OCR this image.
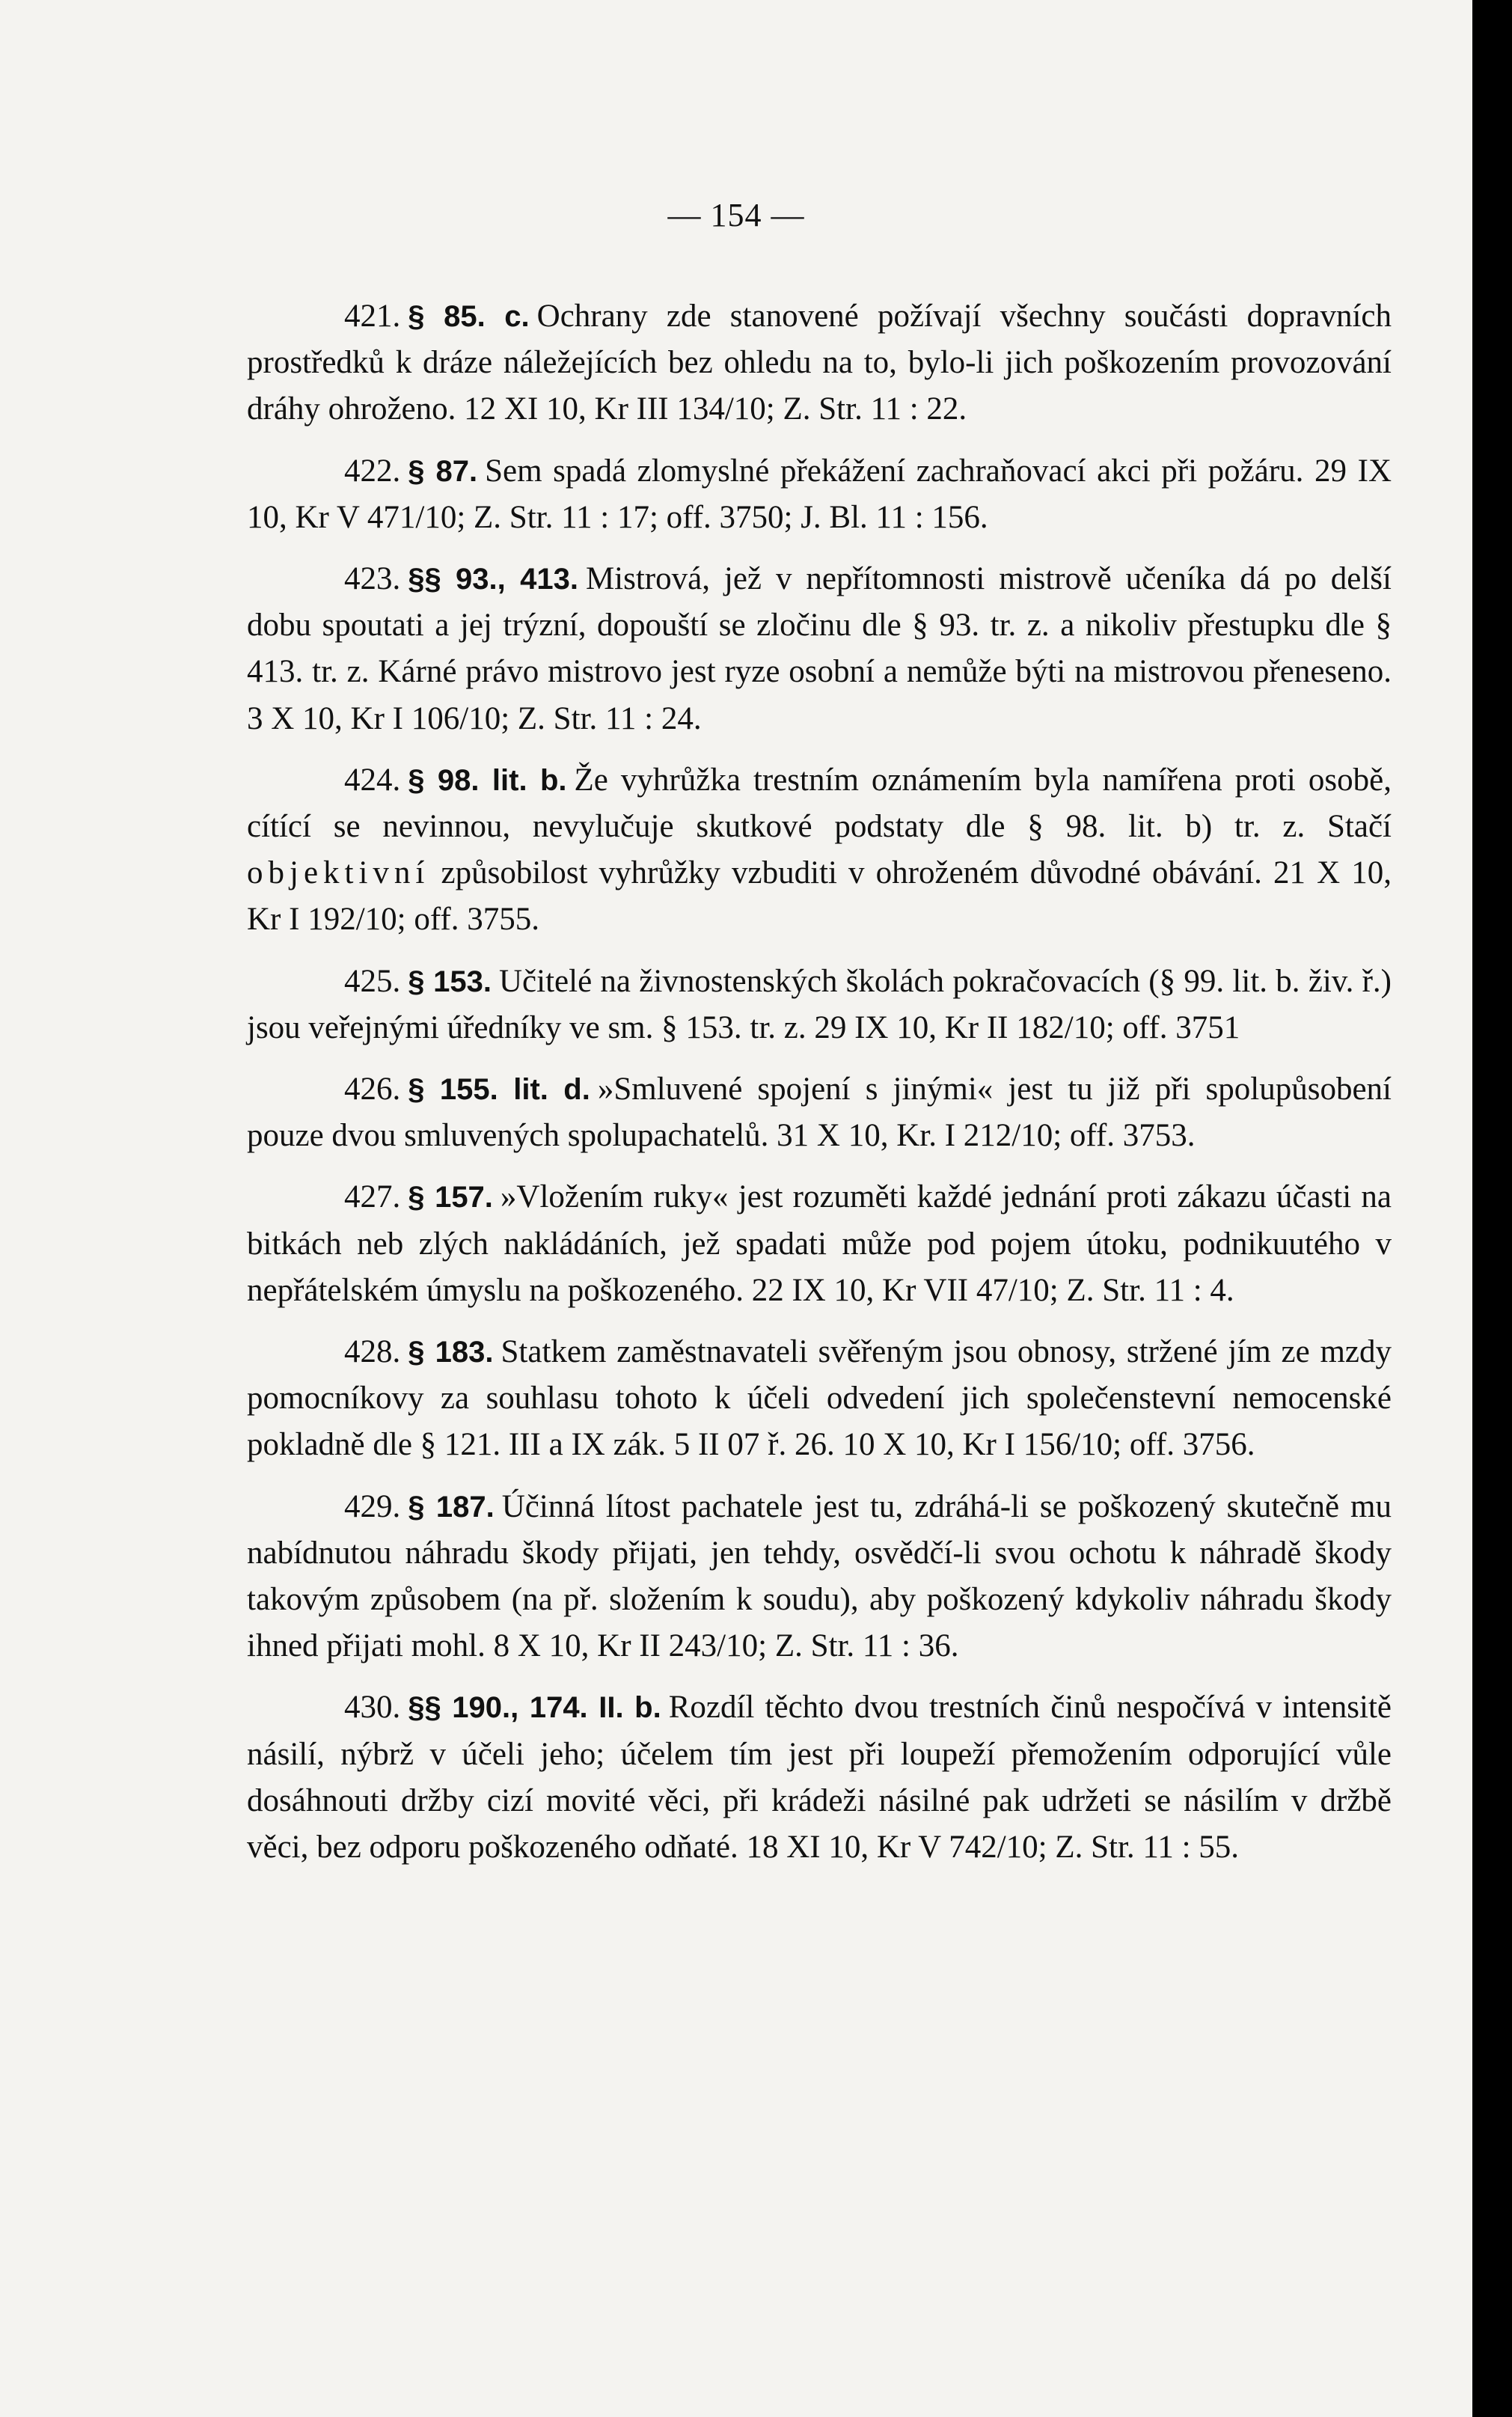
— 154 —

421. § 85. c. Ochrany zde stanovené požívají všechny součásti dopravních prostředků k dráze náležejících bez ohledu na to, bylo-li jich poškozením provozování dráhy ohroženo. 12 XI 10, Kr III 134/10; Z. Str. 11 : 22.

422. § 87. Sem spadá zlomyslné překážení zachraňovací akci při požáru. 29 IX 10, Kr V 471/10; Z. Str. 11 : 17; off. 3750; J. Bl. 11 : 156.

423. §§ 93., 413. Mistrová, jež v nepřítomnosti mistrově učeníka dá po delší dobu spoutati a jej trýzní, dopouští se zločinu dle § 93. tr. z. a nikoliv přestupku dle § 413. tr. z. Kárné právo mistrovo jest ryze osobní a nemůže býti na mistrovou přeneseno. 3 X 10, Kr I 106/10; Z. Str. 11 : 24.

424. § 98. lit. b. Že vyhrůžka trestním oznámením byla namířena proti osobě, cítící se nevinnou, nevylučuje skutkové podstaty dle § 98. lit. b) tr. z. Stačí objektivní způsobilost vyhrůžky vzbuditi v ohroženém důvodné obávání. 21 X 10, Kr I 192/10; off. 3755.

425. § 153. Učitelé na živnostenských školách pokračovacích (§ 99. lit. b. živ. ř.) jsou veřejnými úředníky ve sm. § 153. tr. z. 29 IX 10, Kr II 182/10; off. 3751

426. § 155. lit. d. »Smluvené spojení s jinými« jest tu již při spolupůsobení pouze dvou smluvených spolupachatelů. 31 X 10, Kr. I 212/10; off. 3753.

427. § 157. »Vložením ruky« jest rozuměti každé jednání proti zákazu účasti na bitkách neb zlých nakládáních, jež spadati může pod pojem útoku, podnikuutého v nepřátelském úmyslu na poškozeného. 22 IX 10, Kr VII 47/10; Z. Str. 11 : 4.

428. § 183. Statkem zaměstnavateli svěřeným jsou obnosy, stržené jím ze mzdy pomocníkovy za souhlasu tohoto k účeli odvedení jich společenstevní nemocenské pokladně dle § 121. III a IX zák. 5 II 07 ř. 26. 10 X 10, Kr I 156/10; off. 3756.

429. § 187. Účinná lítost pachatele jest tu, zdráhá-li se poškozený skutečně mu nabídnutou náhradu škody přijati, jen tehdy, osvědčí-li svou ochotu k náhradě škody takovým způsobem (na př. složením k soudu), aby poškozený kdykoliv náhradu škody ihned přijati mohl. 8 X 10, Kr II 243/10; Z. Str. 11 : 36.

430. §§ 190., 174. II. b. Rozdíl těchto dvou trestních činů nespočívá v intensitě násilí, nýbrž v účeli jeho; účelem tím jest při loupeží přemožením odporující vůle dosáhnouti držby cizí movité věci, při krádeži násilné pak udržeti se násilím v držbě věci, bez odporu poškozeného odňaté. 18 XI 10, Kr V 742/10; Z. Str. 11 : 55.
